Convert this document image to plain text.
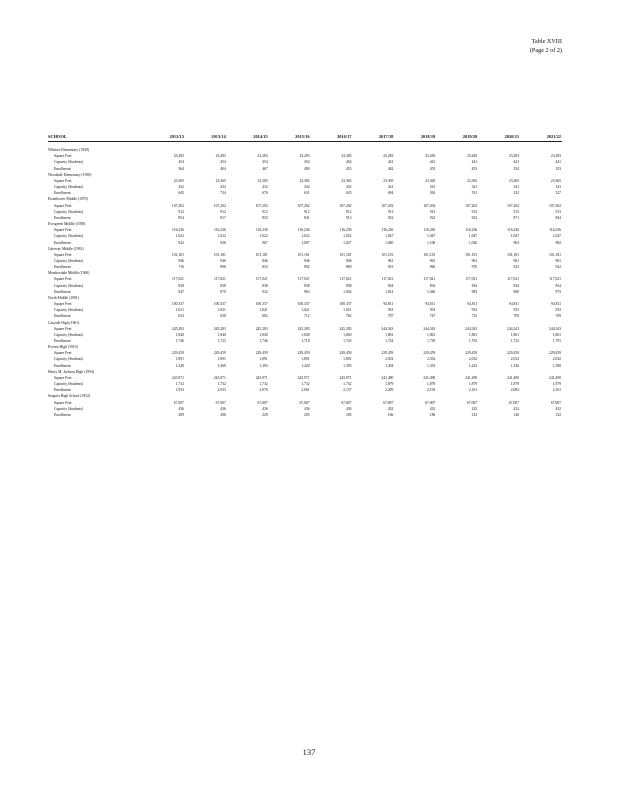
Table XVIII
(Page 2 of 2)
SCHOOL	2012/13	2013/14	2014/15	2015/16	2016/17	2017/18	2018/19	2019/20	2020/21	2021/22

Whittier Elementary (1949)										
Square Feet	23,283	23,283	23,283	23,283	23,283	23,283	23,283	23,283	23,283	23,283
Capacity (Students)	454	454	454	454	454	441	441	441	441	441
Enrollment	364	404	467	480	453	462	453	453	354	353
Woodside Elementary (1958)										
Square Feet	23,365	23,365	23,365	23,365	23,365	23,365	23,365	23,365	23,365	23,365
Capacity (Students)	432	432	432	432	432	341	341	341	341	341
Enrollment	645	734	676	631	635	694	563	531	522	527
Eisenhower Middle (1970)										
Square Feet	107,202	107,202	107,202	107,202	107,202	107,202	107,202	107,202	107,202	107,202
Capacity (Students)	912	912	912	912	912	913	913	913	913	913
Enrollment	854	817	833	841	913	922	923	923	871	834
Evergreen Middle (1958)										
Square Feet	116,236	116,236	116,236	116,236	116,236	116,236	116,236	116,236	116,236	116,236
Capacity (Students)	1,022	1,022	1,022	1,022	1,022	1,047	1,047	1,047	1,047	1,047
Enrollment	942	928	967	1,007	1,027	1,040	1,100	1,026	963	982
Gateway Middle (1992)										
Square Feet	101,181	101,181	101,181	101,181	101,181	101,181	101,181	101,181	101,181	101,181
Capacity (Students)	946	946	946	946	946	961	961	961	961	961
Enrollment	716	898	833	892	890	923	960	970	923	922
Meadowdale Middle (1960)										
Square Feet	117,021	117,021	117,021	117,021	117,021	117,021	117,021	117,021	117,021	117,021
Capacity (Students)	838	838	838	838	838	834	834	834	834	834
Enrollment	847	870	932	963	1,004	1,012	1,046	983	960	973
North Middle (1981)										
Square Feet	100,337	100,337	100,337	100,337	100,337	94,811	94,811	94,811	94,811	94,811
Capacity (Students)	1,021	1,021	1,021	1,021	1,021	933	933	933	933	933
Enrollment	632	638	682	712	762	787	747	723	709	709
Cascade High (1961)										
Square Feet	245,283	245,283	245,283	245,283	245,283	244,343	244,343	244,343	244,343	244,343
Capacity (Students)	1,840	1,840	1,840	1,840	1,840	1,861	1,861	1,861	1,861	1,861
Enrollment	1,746	1,723	1,746	1,718	1,743	1,724	1,730	1,763	1,723	1,791
Everett High (1910)										
Square Feet	229,459	229,459	229,459	229,459	229,459	229,459	229,459	229,459	229,459	229,459
Capacity (Students)	1,891	1,891	1,891	1,891	1,891	2,032	2,032	2,032	2,032	2,032
Enrollment	1,349	1,369	1,393	1,420	1,393	1,304	1,333	1,423	1,336	1,398
Henry M. Jackson High (1994)										
Square Feet	243,971	243,971	243,971	243,971	243,971	241,490	241,490	241,490	241,490	241,490
Capacity (Students)	1,732	1,732	1,732	1,732	1,732	1,879	1,879	1,879	1,879	1,879
Enrollment	1,933	2,033	2,076	2,061	2,137	2,209	2,192	2,161	2,083	2,101
Sequoia High School (1952)										
Square Feet	67,007	67,007	67,007	67,007	67,007	67,007	67,007	67,007	67,007	67,007
Capacity (Students)	436	436	436	436	436	432	432	432	432	432
Enrollment	209	206	229	205	183	166	186	143	126	132
137
